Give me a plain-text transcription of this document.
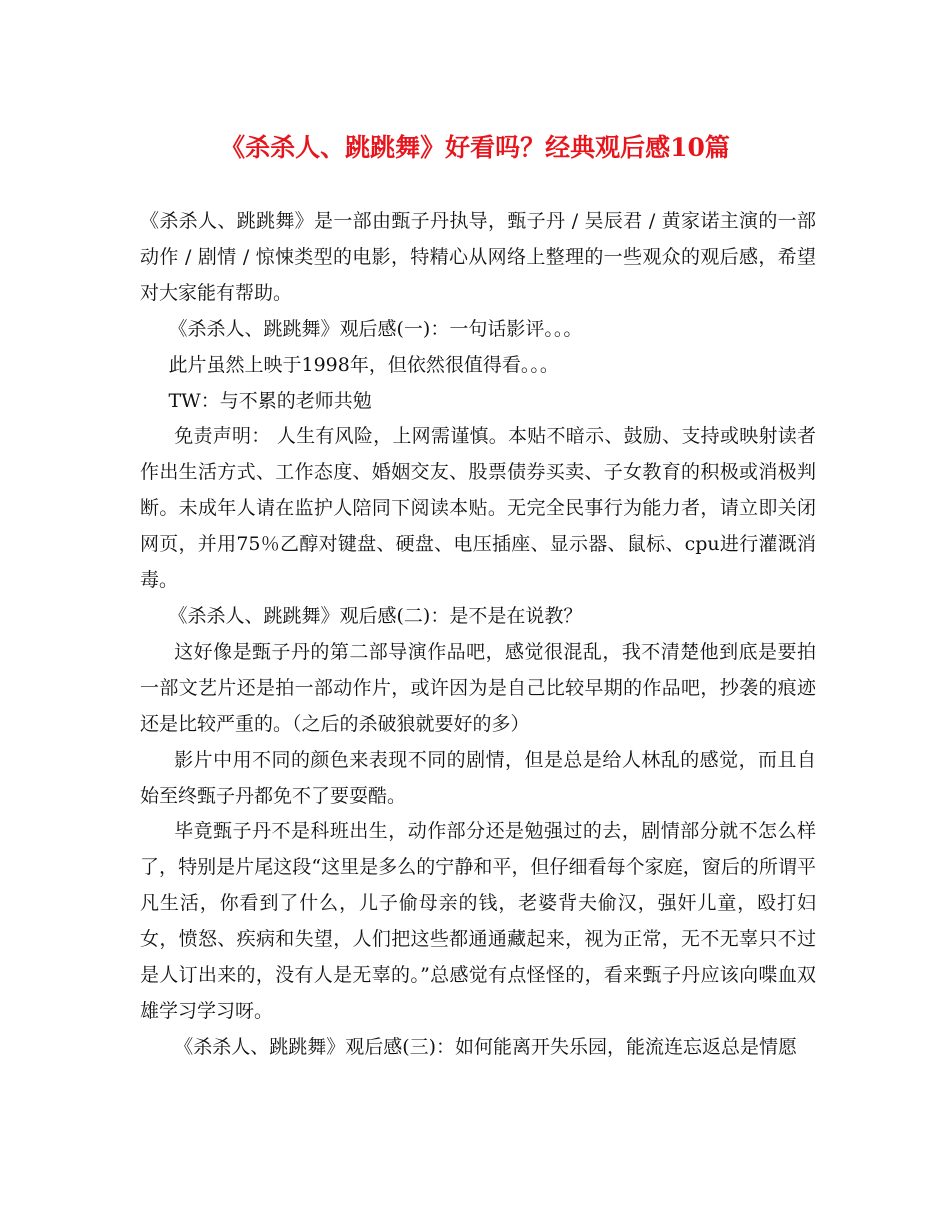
《杀杀人、跳跳舞》好看吗？经典观后感10篇

《杀杀人、跳跳舞》是一部由甄子丹执导，甄子丹 / 吴辰君 / 黄家诺主演的一部动作 / 剧情 / 惊悚类型的电影，特精心从网络上整理的一些观众的观后感，希望对大家能有帮助。

《杀杀人、跳跳舞》观后感(一)：一句话影评。。。

此片虽然上映于1998年，但依然很值得看。。。

TW：与不累的老师共勉

免责声明： 人生有风险，上网需谨慎。本贴不暗示、鼓励、支持或映射读者作出生活方式、工作态度、婚姻交友、股票债券买卖、子女教育的积极或消极判断。未成年人请在监护人陪同下阅读本贴。无完全民事行为能力者，请立即关闭网页，并用75％乙醇对键盘、硬盘、电压插座、显示器、鼠标、cpu进行灌溉消毒。

《杀杀人、跳跳舞》观后感(二)：是不是在说教？

这好像是甄子丹的第二部导演作品吧，感觉很混乱，我不清楚他到底是要拍一部文艺片还是拍一部动作片，或许因为是自己比较早期的作品吧，抄袭的痕迹还是比较严重的。（之后的杀破狼就要好的多）

影片中用不同的颜色来表现不同的剧情，但是总是给人林乱的感觉，而且自始至终甄子丹都免不了要耍酷。

毕竟甄子丹不是科班出生，动作部分还是勉强过的去，剧情部分就不怎么样了，特别是片尾这段“这里是多么的宁静和平，但仔细看每个家庭，窗后的所谓平凡生活，你看到了什么，儿子偷母亲的钱，老婆背夫偷汉，强奸儿童，殴打妇女，愤怒、疾病和失望，人们把这些都通通藏起来，视为正常，无不无辜只不过是人订出来的，没有人是无辜的。”总感觉有点怪怪的，看来甄子丹应该向喋血双雄学习学习呀。

《杀杀人、跳跳舞》观后感(三)：如何能离开失乐园，能流连忘返总是情愿
